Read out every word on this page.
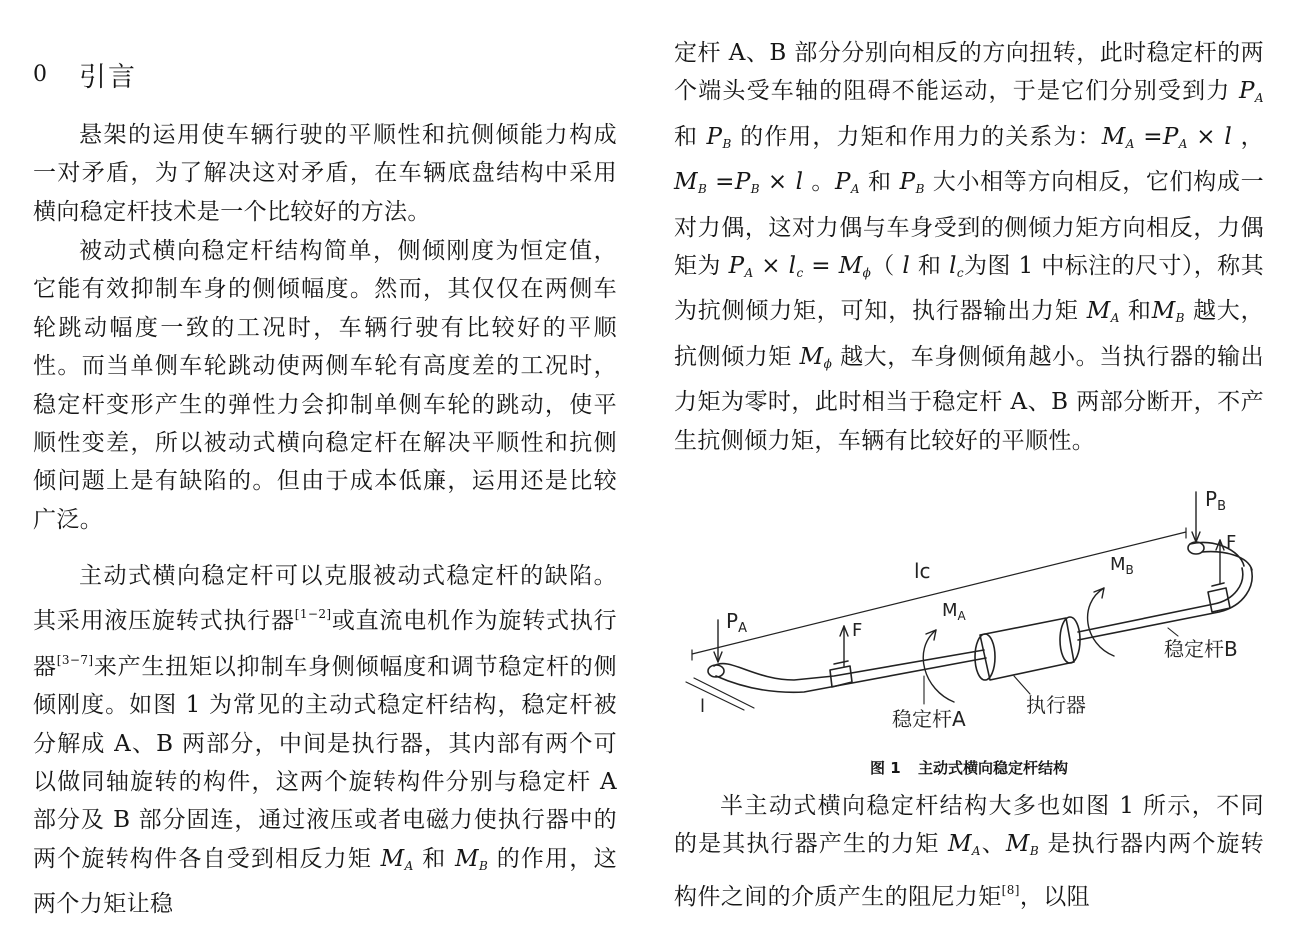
0	引言

悬架的运用使车辆行驶的平顺性和抗侧倾能力构成一对矛盾，为了解决这对矛盾，在车辆底盘结构中采用横向稳定杆技术是一个比较好的方法。

被动式横向稳定杆结构简单，侧倾刚度为恒定值，它能有效抑制车身的侧倾幅度。然而，其仅仅在两侧车轮跳动幅度一致的工况时，车辆行驶有比较好的平顺性。而当单侧车轮跳动使两侧车轮有高度差的工况时，稳定杆变形产生的弹性力会抑制单侧车轮的跳动，使平顺性变差，所以被动式横向稳定杆在解决平顺性和抗侧倾问题上是有缺陷的。但由于成本低廉，运用还是比较广泛。

主动式横向稳定杆可以克服被动式稳定杆的缺陷。其采用液压旋转式执行器[1−2]或直流电机作为旋转式执行器[3−7]来产生扭矩以抑制车身侧倾幅度和调节稳定杆的侧倾刚度。如图 1 为常见的主动式稳定杆结构，稳定杆被分解成 A、B 两部分，中间是执行器，其内部有两个可以做同轴旋转的构件，这两个旋转构件分别与稳定杆 A 部分及 B 部分固连，通过液压或者电磁力使执行器中的两个旋转构件各自受到相反力矩 $M_A$ 和 $M_B$ 的作用，这两个力矩让稳

定杆 A、B 部分分别向相反的方向扭转，此时稳定杆的两个端头受车轴的阻碍不能运动，于是它们分别受到力 $P_A$ 和 $P_B$ 的作用，力矩和作用力的关系为：$M_A =P_A \times l$ ，$M_B =P_B \times l$ 。$P_A$ 和 $P_B$ 大小相等方向相反，它们构成一对力偶，这对力偶与车身受到的侧倾力矩方向相反，力偶矩为 $P_A \times l_c = M_\phi$（ l 和 $l_c$为图 1 中标注的尺寸），称其为抗侧倾力矩，可知，执行器输出力矩 $M_A$ 和$M_B$ 越大，抗侧倾力矩 $M_\phi$ 越大，车身侧倾角越小。当执行器的输出力矩为零时，此时相当于稳定杆 A、B 两部分断开，不产生抗侧倾力矩，车辆有比较好的平顺性。

$P_B$
$P_A$	F
F
lc	$M_B$
$M_A$
稳定杆B
稳定杆A
执行器
l
图 1 主动式横向稳定杆结构

半主动式横向稳定杆结构大多也如图 1 所示，不同的是其执行器产生的力矩 $M_A$、$M_B$ 是执行器内两个旋转构件之间的介质产生的阻尼力矩[8]，以阻
